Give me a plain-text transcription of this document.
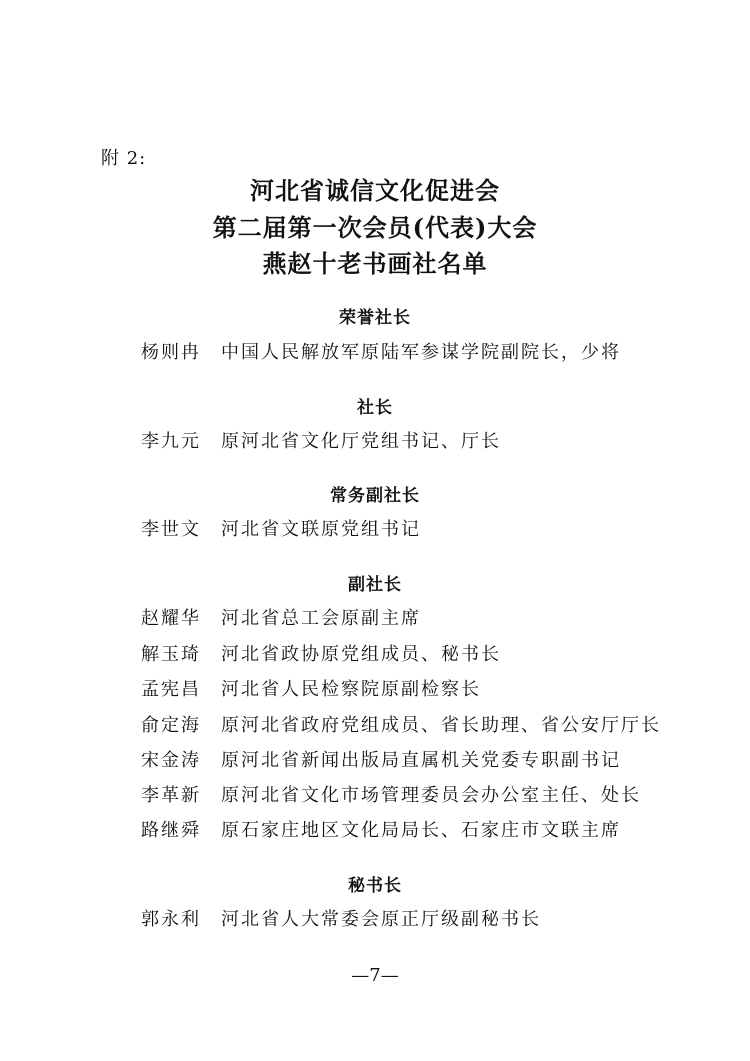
附 2:
河北省诚信文化促进会
第二届第一次会员(代表)大会
燕赵十老书画社名单
荣誉社长
杨则冉 中国人民解放军原陆军参谋学院副院长，少将
社长
李九元 原河北省文化厅党组书记、厅长
常务副社长
李世文 河北省文联原党组书记
副社长
赵耀华 河北省总工会原副主席
解玉琦 河北省政协原党组成员、秘书长
孟宪昌 河北省人民检察院原副检察长
俞定海 原河北省政府党组成员、省长助理、省公安厅厅长
宋金涛 原河北省新闻出版局直属机关党委专职副书记
李革新 原河北省文化市场管理委员会办公室主任、处长
路继舜 原石家庄地区文化局局长、石家庄市文联主席
秘书长
郭永利 河北省人大常委会原正厅级副秘书长
—7—
